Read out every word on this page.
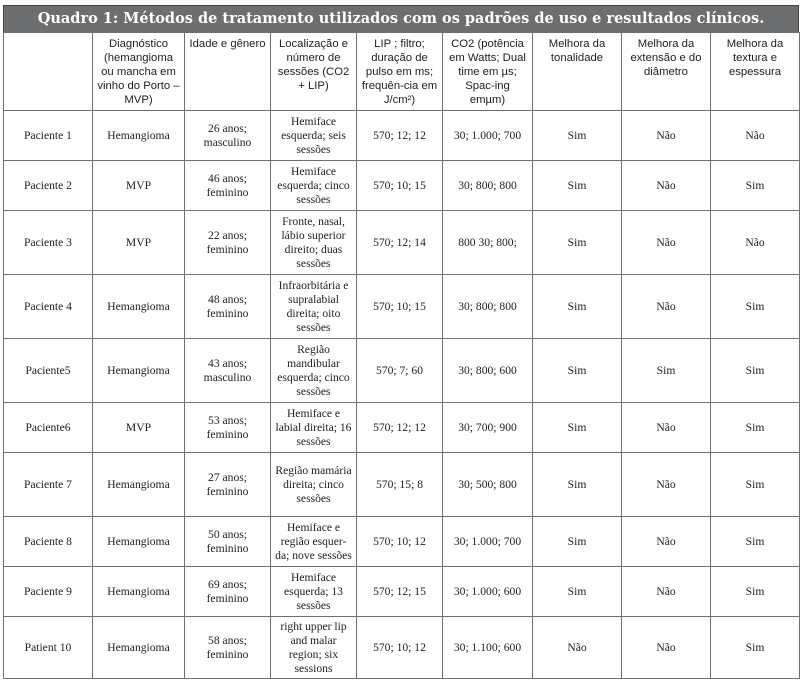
Quadro 1: Métodos de tratamento utilizados com os padrões de uso e resultados clínicos.
	Diagnóstico (hemangioma ou mancha em vinho do Porto – MVP)	Idade e gênero	Localização e número de sessões (CO2 + LIP)	LIP ; filtro; duração de pulso em ms; frequên-cia em J/cm²)	CO2 (potência em Watts; Dual time em µs; Spac-ing emµm)	Melhora da tonalidade	Melhora da extensão e do diâmetro	Melhora da textura e espessura
Paciente 1	Hemangioma	26 anos; masculino	Hemiface esquerda; seis sessões	570; 12; 12	30; 1.000; 700	Sim	Não	Não
Paciente 2	MVP	46 anos; feminino	Hemiface esquerda; cinco sessões	570; 10; 15	30; 800; 800	Sim	Não	Sim
Paciente 3	MVP	22 anos; feminino	Fronte, nasal, lábio superior direito; duas sessões	570; 12; 14	800 30; 800;	Sim	Não	Não
Paciente 4	Hemangioma	48 anos; feminino	Infraorbitária e supralabial direita; oito sessões	570; 10; 15	30; 800; 800	Sim	Não	Sim
Paciente5	Hemangioma	43 anos; masculino	Região mandibular esquerda; cinco sessões	570; 7; 60	30; 800; 600	Sim	Sim	Sim
Paciente6	MVP	53 anos; feminino	Hemiface e labial direita; 16 sessões	570; 12; 12	30; 700; 900	Sim	Não	Sim
Paciente 7	Hemangioma	27 anos; feminino	Região mamária direita; cinco sessões	570; 15; 8	30; 500; 800	Sim	Não	Sim
Paciente 8	Hemangioma	50 anos; feminino	Hemiface e região esquer-da; nove sessões	570; 10; 12	30; 1.000; 700	Sim	Não	Sim
Paciente 9	Hemangioma	69 anos; feminino	Hemiface esquerda; 13 sessões	570; 12; 15	30; 1.000; 600	Sim	Não	Sim
Patient 10	Hemangioma	58 anos; feminino	right upper lip and malar region; six sessions	570; 10; 12	30; 1.100; 600	Não	Não	Sim
